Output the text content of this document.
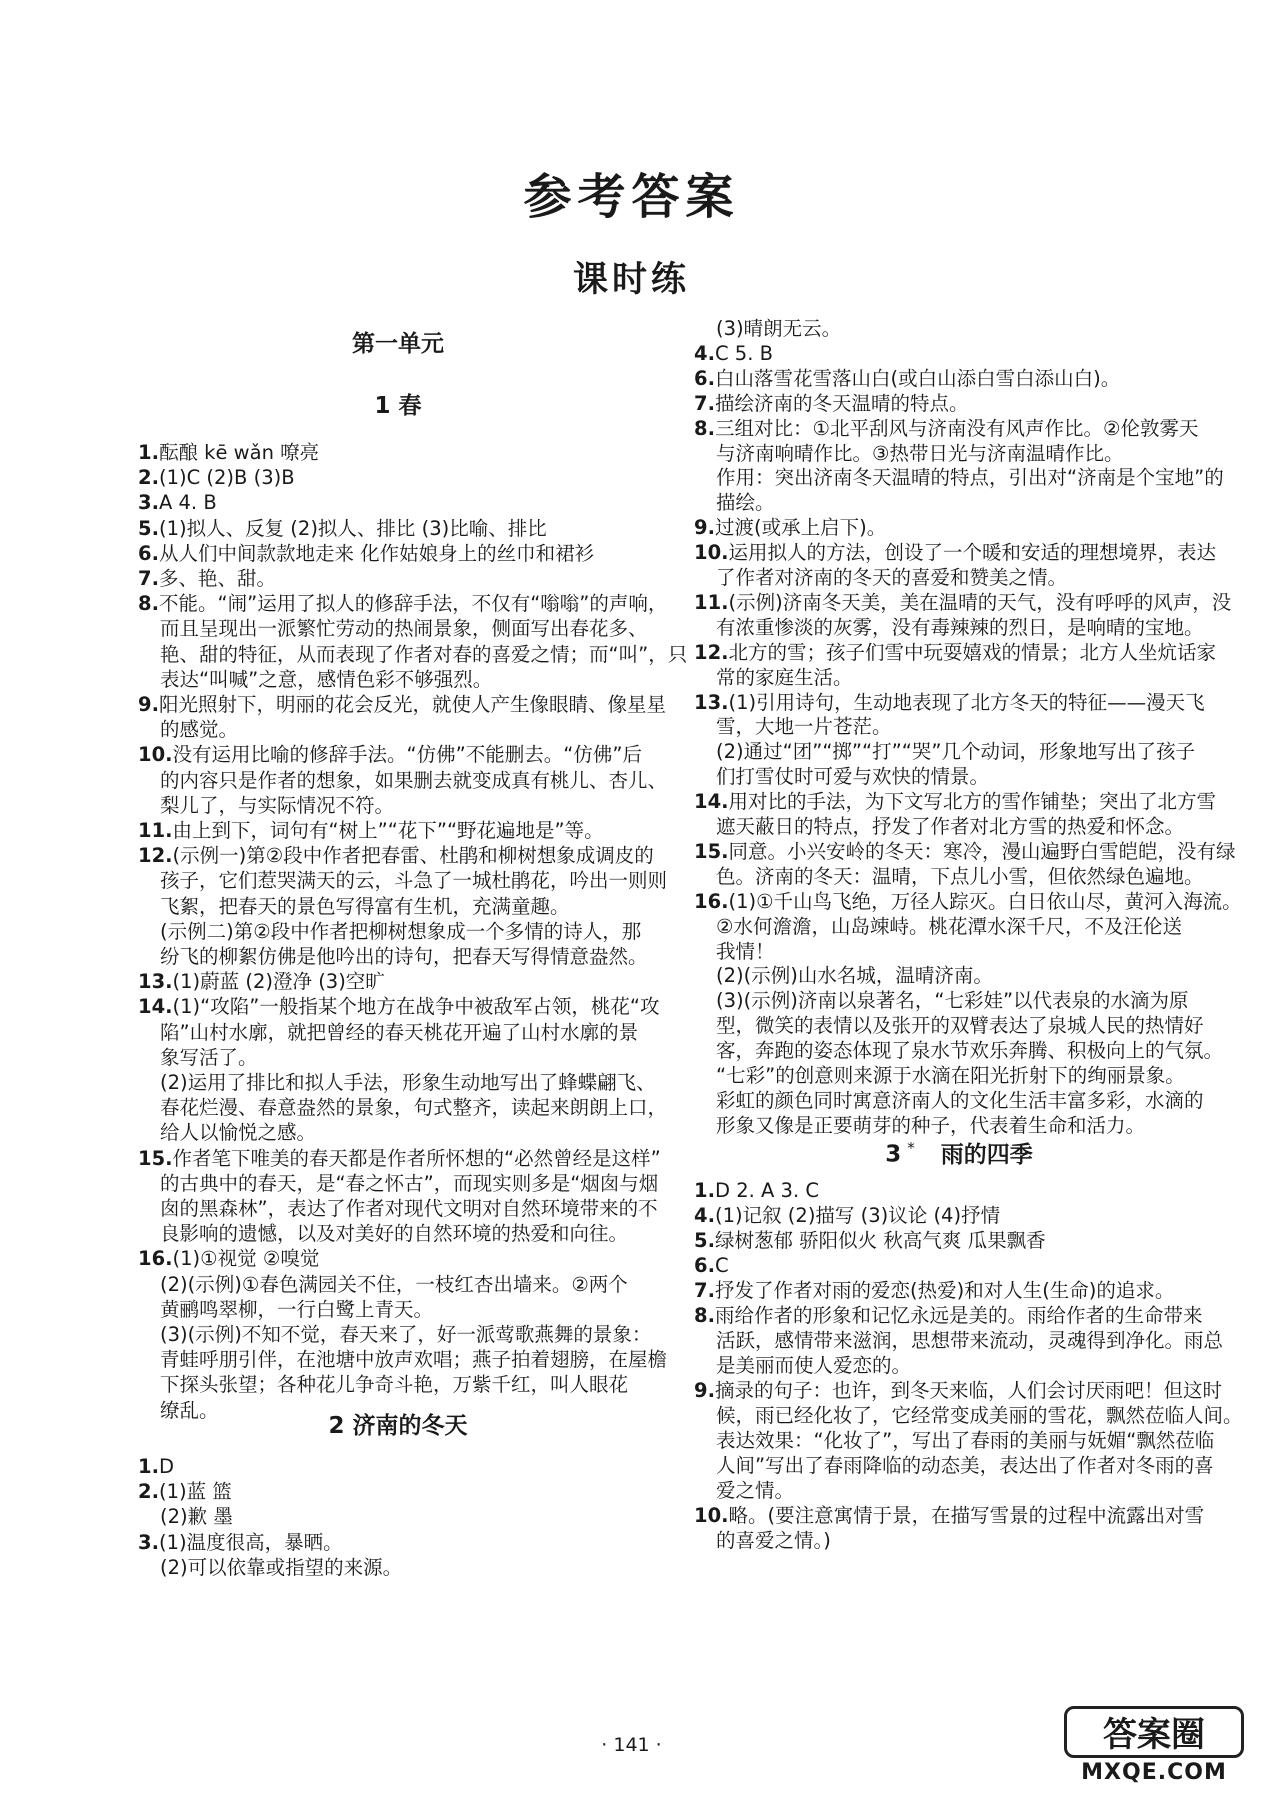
参考答案
课时练
第一单元
1 春
2 济南的冬天
1.酝酿 kē wǎn 嘹亮
2.(1)C (2)B (3)B
3.A 4. B
5.(1)拟人、反复 (2)拟人、排比 (3)比喻、排比
6.从人们中间款款地走来 化作姑娘身上的丝巾和裙衫
7.多、艳、甜。
8.不能。“闹”运用了拟人的修辞手法，不仅有“嗡嗡”的声响，
而且呈现出一派繁忙劳动的热闹景象，侧面写出春花多、
艳、甜的特征，从而表现了作者对春的喜爱之情；而“叫”，只
表达“叫喊”之意，感情色彩不够强烈。
9.阳光照射下，明丽的花会反光，就使人产生像眼睛、像星星
的感觉。
10.没有运用比喻的修辞手法。“仿佛”不能删去。“仿佛”后
的内容只是作者的想象，如果删去就变成真有桃儿、杏儿、
梨儿了，与实际情况不符。
11.由上到下，词句有“树上”“花下”“野花遍地是”等。
12.(示例一)第②段中作者把春雷、杜鹃和柳树想象成调皮的
孩子，它们惹哭满天的云，斗急了一城杜鹃花，吟出一则则
飞絮，把春天的景色写得富有生机，充满童趣。
(示例二)第②段中作者把柳树想象成一个多情的诗人，那
纷飞的柳絮仿佛是他吟出的诗句，把春天写得情意盎然。
13.(1)蔚蓝 (2)澄净 (3)空旷
14.(1)“攻陷”一般指某个地方在战争中被敌军占领，桃花“攻
陷”山村水廓，就把曾经的春天桃花开遍了山村水廓的景
象写活了。
(2)运用了排比和拟人手法，形象生动地写出了蜂蝶翩飞、
春花烂漫、春意盎然的景象，句式整齐，读起来朗朗上口，
给人以愉悦之感。
15.作者笔下唯美的春天都是作者所怀想的“必然曾经是这样”
的古典中的春天，是“春之怀古”，而现实则多是“烟囱与烟
囱的黑森林”，表达了作者对现代文明对自然环境带来的不
良影响的遗憾，以及对美好的自然环境的热爱和向往。
16.(1)①视觉 ②嗅觉
(2)(示例)①春色满园关不住，一枝红杏出墙来。②两个
黄鹂鸣翠柳，一行白鹭上青天。
(3)(示例)不知不觉，春天来了，好一派莺歌燕舞的景象：
青蛙呼朋引伴，在池塘中放声欢唱；燕子拍着翅膀，在屋檐
下探头张望；各种花儿争奇斗艳，万紫千红，叫人眼花
缭乱。
1.D
2.(1)蓝 篮
(2)歉 墨
3.(1)温度很高，暴晒。
(2)可以依靠或指望的来源。
3 * 雨的四季
(3)晴朗无云。
4.C 5. B
6.白山落雪花雪落山白(或白山添白雪白添山白)。
7.描绘济南的冬天温晴的特点。
8.三组对比：①北平刮风与济南没有风声作比。②伦敦雾天
与济南响晴作比。③热带日光与济南温晴作比。
作用：突出济南冬天温晴的特点，引出对“济南是个宝地”的
描绘。
9.过渡(或承上启下)。
10.运用拟人的方法，创设了一个暖和安适的理想境界，表达
了作者对济南的冬天的喜爱和赞美之情。
11.(示例)济南冬天美，美在温晴的天气，没有呼呼的风声，没
有浓重惨淡的灰雾，没有毒辣辣的烈日，是响晴的宝地。
12.北方的雪；孩子们雪中玩耍嬉戏的情景；北方人坐炕话家
常的家庭生活。
13.(1)引用诗句，生动地表现了北方冬天的特征——漫天飞
雪，大地一片苍茫。
(2)通过“团”“掷”“打”“哭”几个动词，形象地写出了孩子
们打雪仗时可爱与欢快的情景。
14.用对比的手法，为下文写北方的雪作铺垫；突出了北方雪
遮天蔽日的特点，抒发了作者对北方雪的热爱和怀念。
15.同意。小兴安岭的冬天：寒冷，漫山遍野白雪皑皑，没有绿
色。济南的冬天：温晴，下点儿小雪，但依然绿色遍地。
16.(1)①千山鸟飞绝，万径人踪灭。白日依山尽，黄河入海流。
②水何澹澹，山岛竦峙。桃花潭水深千尺，不及汪伦送
我情！
(2)(示例)山水名城，温晴济南。
(3)(示例)济南以泉著名，“七彩娃”以代表泉的水滴为原
型，微笑的表情以及张开的双臂表达了泉城人民的热情好
客，奔跑的姿态体现了泉水节欢乐奔腾、积极向上的气氛。
“七彩”的创意则来源于水滴在阳光折射下的绚丽景象。
彩虹的颜色同时寓意济南人的文化生活丰富多彩，水滴的
形象又像是正要萌芽的种子，代表着生命和活力。
1.D 2. A 3. C
4.(1)记叙 (2)描写 (3)议论 (4)抒情
5.绿树葱郁 骄阳似火 秋高气爽 瓜果飘香
6.C
7.抒发了作者对雨的爱恋(热爱)和对人生(生命)的追求。
8.雨给作者的形象和记忆永远是美的。雨给作者的生命带来
活跃，感情带来滋润，思想带来流动，灵魂得到净化。雨总
是美丽而使人爱恋的。
9.摘录的句子：也许，到冬天来临，人们会讨厌雨吧！但这时
候，雨已经化妆了，它经常变成美丽的雪花，飘然莅临人间。
表达效果：“化妆了”，写出了春雨的美丽与妩媚“飘然莅临
人间”写出了春雨降临的动态美，表达出了作者对冬雨的喜
爱之情。
10.略。(要注意寓情于景，在描写雪景的过程中流露出对雪
的喜爱之情。)
· 141 ·	答案圈
MXQE.COM
